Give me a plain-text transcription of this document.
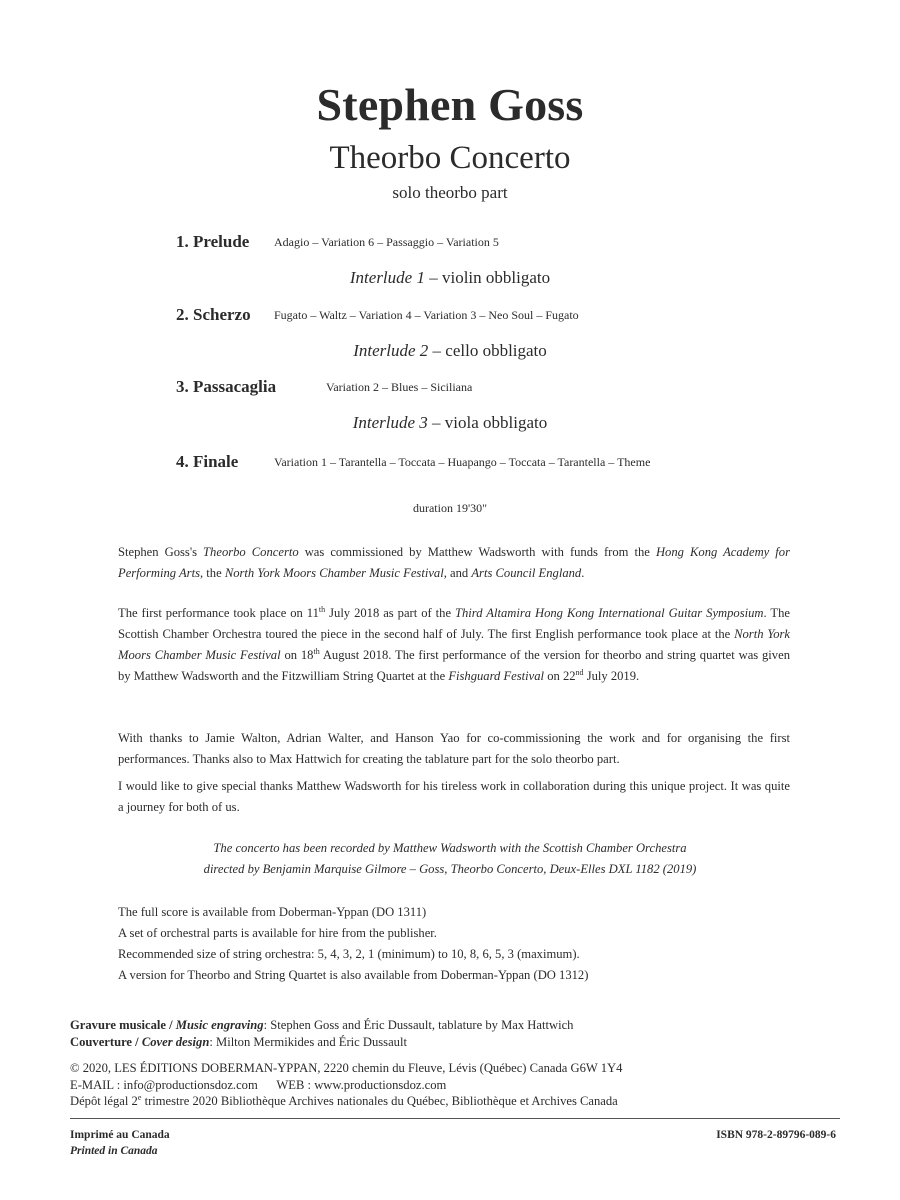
Stephen Goss
Theorbo Concerto
solo theorbo part
1. Prelude Adagio – Variation 6 – Passaggio – Variation 5
Interlude 1 – violin obbligato
2. Scherzo Fugato – Waltz – Variation 4 – Variation 3 – Neo Soul – Fugato
Interlude 2 – cello obbligato
3. Passacaglia	Variation 2 – Blues – Siciliana
Interlude 3 – viola obbligato
4. Finale	Variation 1 – Tarantella – Toccata – Huapango – Toccata – Tarantella – Theme
duration 19'30"
Stephen Goss's Theorbo Concerto was commissioned by Matthew Wadsworth with funds from the Hong Kong Academy for Performing Arts, the North York Moors Chamber Music Festival, and Arts Council England.
The first performance took place on 11th July 2018 as part of the Third Altamira Hong Kong International Guitar Symposium. The Scottish Chamber Orchestra toured the piece in the second half of July. The first English performance took place at the North York Moors Chamber Music Festival on 18th August 2018. The first performance of the version for theorbo and string quartet was given by Matthew Wadsworth and the Fitzwilliam String Quartet at the Fishguard Festival on 22nd July 2019.
With thanks to Jamie Walton, Adrian Walter, and Hanson Yao for co-commissioning the work and for organising the first performances. Thanks also to Max Hattwich for creating the tablature part for the solo theorbo part.
I would like to give special thanks Matthew Wadsworth for his tireless work in collaboration during this unique project. It was quite a journey for both of us.
The concerto has been recorded by Matthew Wadsworth with the Scottish Chamber Orchestra
directed by Benjamin Marquise Gilmore – Goss, Theorbo Concerto, Deux-Elles DXL 1182 (2019)
The full score is available from Doberman-Yppan (DO 1311)
A set of orchestral parts is available for hire from the publisher.
Recommended size of string orchestra: 5, 4, 3, 2, 1 (minimum) to 10, 8, 6, 5, 3 (maximum).
A version for Theorbo and String Quartet is also available from Doberman-Yppan (DO 1312)
Gravure musicale / Music engraving: Stephen Goss and Éric Dussault, tablature by Max Hattwich
Couverture / Cover design: Milton Mermikides and Éric Dussault
© 2020, LES ÉDITIONS DOBERMAN-YPPAN, 2220 chemin du Fleuve, Lévis (Québec) Canada G6W 1Y4
E-MAIL : info@productionsdoz.com      WEB : www.productionsdoz.com
Dépôt légal 2e trimestre 2020 Bibliothèque Archives nationales du Québec, Bibliothèque et Archives Canada
Imprimé au Canada
Printed in Canada
ISBN 978-2-89796-089-6
